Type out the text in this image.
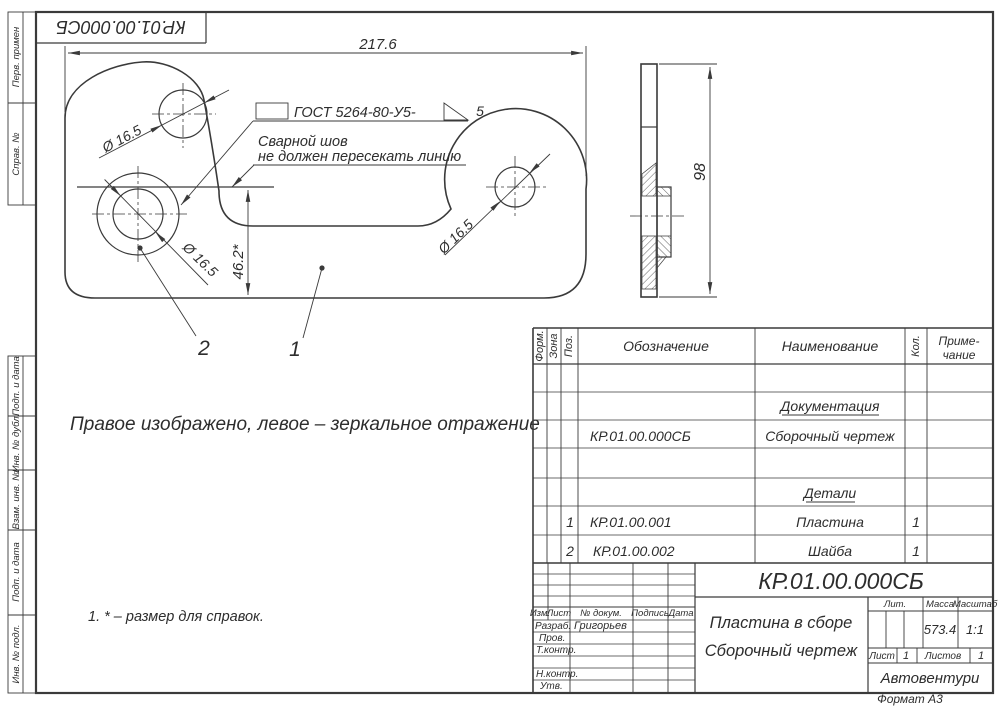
Перв. примен
Справ. №
Подп. и дата
Инв. № дубл.
Взам. инв. №
Подп. и дата
Инв. № подл.
КР.01.00.000СБ
Формат А3
217.6
46.2*
Ø 16.5
Ø 16.5
Ø 16.5
ГОСТ 5264-80-У5-	5
Сварной шов
не должен пересекать линию
2	1
Правое изображено, левое – зеркальное отражение
1. * – размер для справок.
98
Форм. Зона Поз.	Обозначение	Наименование	Кол. Приме-
чание
Документация
КР.01.00.000СБ	Сборочный чертеж
Детали
1 КР.01.00.001	Пластина	1
2 КР.01.00.002	Шайба	1
Изм.
Лист № докум. Подпись Дата
Разраб. Григорьев
Пров.
Т.контр.
Н.контр.
Утв.
КР.01.00.000СБ
Пластина в сборе
Сборочный чертеж
Лит. Масса
Масштаб
573.4 1:1
Лист 1 Листов 1
Автовентури
